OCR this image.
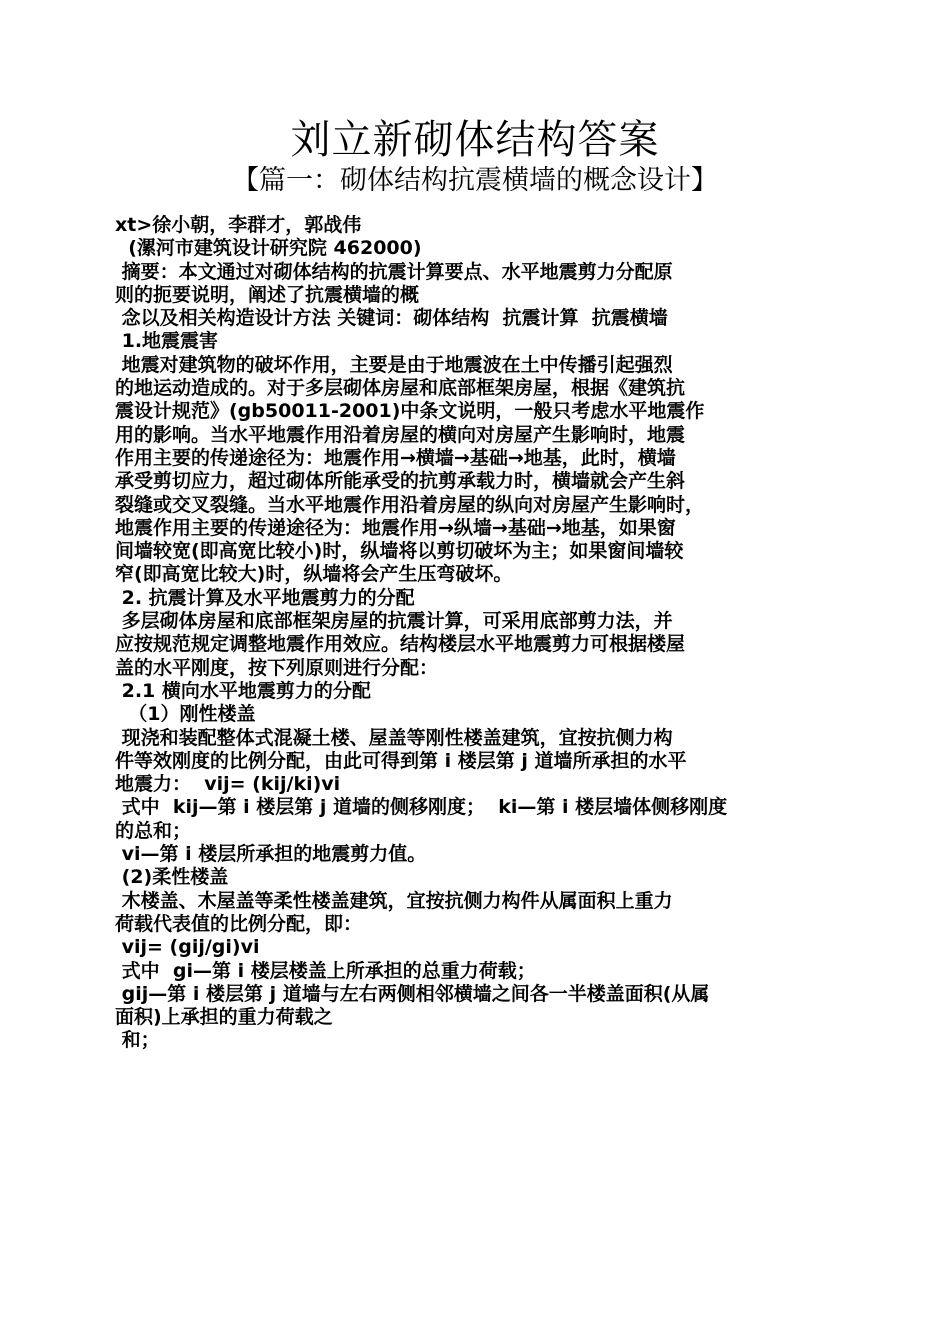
刘立新砌体结构答案
【篇一：砌体结构抗震横墙的概念设计】
xt>徐小朝，李群才，郭战伟
(漯河市建筑设计研究院 462000)
摘要：本文通过对砌体结构的抗震计算要点、水平地震剪力分配原
则的扼要说明，阐述了抗震横墙的概
念以及相关构造设计方法 关键词：砌体结构  抗震计算  抗震横墙
1.地震震害
地震对建筑物的破坏作用，主要是由于地震波在土中传播引起强烈
的地运动造成的。对于多层砌体房屋和底部框架房屋，根据《建筑抗
震设计规范》(gb50011-2001)中条文说明，一般只考虑水平地震作
用的影响。当水平地震作用沿着房屋的横向对房屋产生影响时，地震
作用主要的传递途径为：地震作用→横墙→基础→地基，此时，横墙
承受剪切应力，超过砌体所能承受的抗剪承载力时，横墙就会产生斜
裂缝或交叉裂缝。当水平地震作用沿着房屋的纵向对房屋产生影响时，
地震作用主要的传递途径为：地震作用→纵墙→基础→地基，如果窗
间墙较宽(即高宽比较小)时，纵墙将以剪切破坏为主；如果窗间墙较
窄(即高宽比较大)时，纵墙将会产生压弯破坏。
2. 抗震计算及水平地震剪力的分配
多层砌体房屋和底部框架房屋的抗震计算，可采用底部剪力法，并
应按规范规定调整地震作用效应。结构楼层水平地震剪力可根据楼屋
盖的水平刚度，按下列原则进行分配：
2.1 横向水平地震剪力的分配
（1）刚性楼盖
现浇和装配整体式混凝土楼、屋盖等刚性楼盖建筑，宜按抗侧力构
件等效刚度的比例分配，由此可得到第 i 楼层第 j 道墙所承担的水平
地震力：  vij= (kij/ki)vi
式中  kij—第 i 楼层第 j 道墙的侧移刚度；  ki—第 i 楼层墙体侧移刚度
的总和；
vi—第 i 楼层所承担的地震剪力值。
(2)柔性楼盖
木楼盖、木屋盖等柔性楼盖建筑，宜按抗侧力构件从属面积上重力
荷载代表值的比例分配，即：
vij= (gij/gi)vi
式中  gi—第 i 楼层楼盖上所承担的总重力荷载；
gij—第 i 楼层第 j 道墙与左右两侧相邻横墙之间各一半楼盖面积(从属
面积)上承担的重力荷载之
和；
